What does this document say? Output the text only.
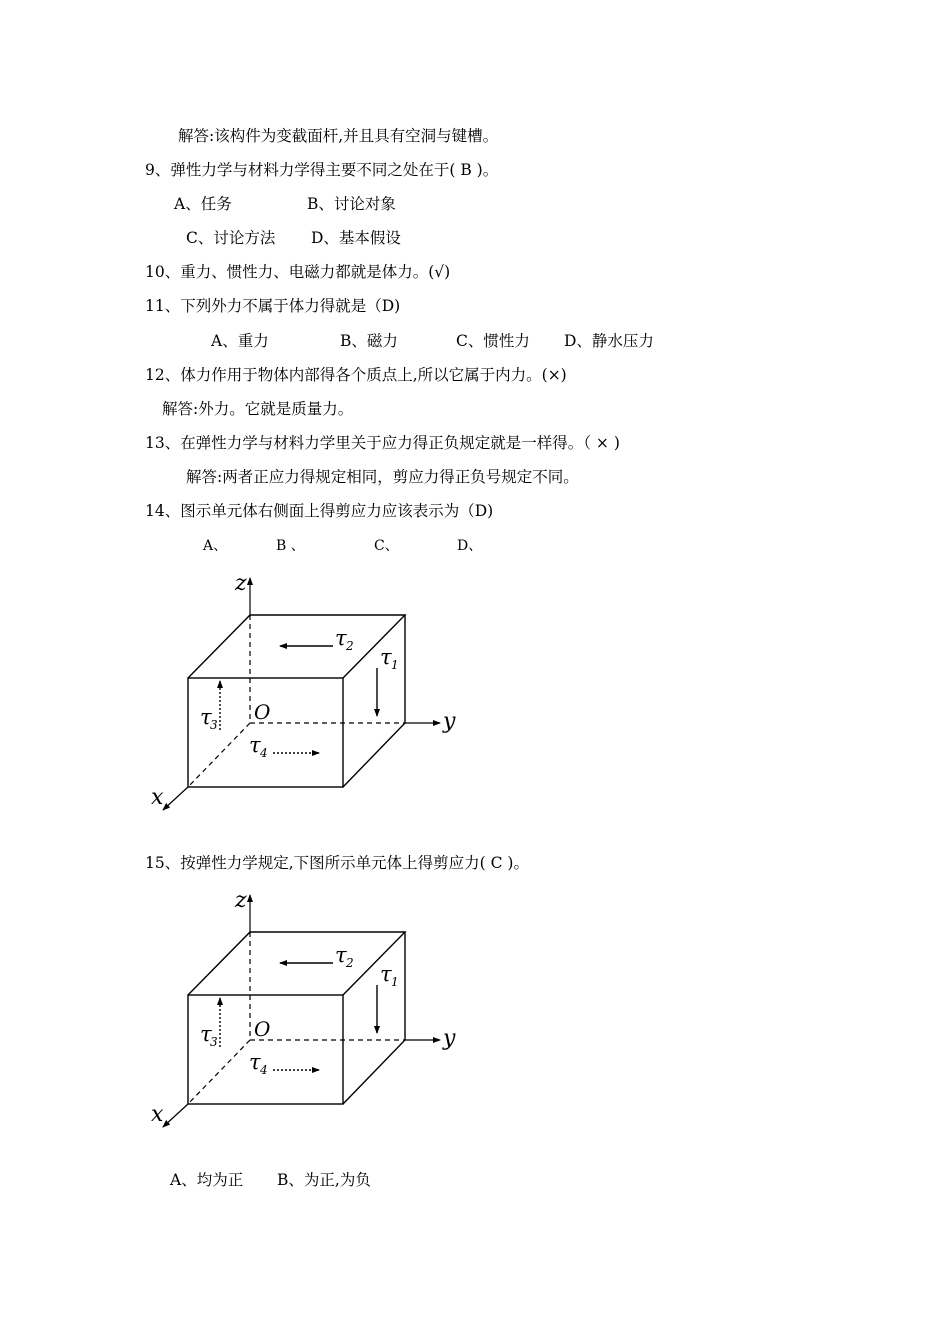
解答:该构件为变截面杆,并且具有空洞与键槽。
9、弹性力学与材料力学得主要不同之处在于( B )。
A、任务	B、讨论对象
C、讨论方法 D、基本假设
10、重力、惯性力、电磁力都就是体力。(√)
11、下列外力不属于体力得就是（D)
A、重力	B、磁力	C、惯性力 D、静水压力
12、体力作用于物体内部得各个质点上,所以它属于内力。(×)
解答:外力。它就是质量力。
13、在弹性力学与材料力学里关于应力得正负规定就是一样得。（ × )
解答:两者正应力得规定相同，剪应力得正负号规定不同。
14、图示单元体右侧面上得剪应力应该表示为（D)
A、	B 、	C、	D、
z
y
x
O
τ 2 τ 1
τ
3
τ 4
15、按弹性力学规定,下图所示单元体上得剪应力( C )。
z
y
x
O
τ 2 τ 1
τ
3
τ 4
A、均为正 B、为正,为负
